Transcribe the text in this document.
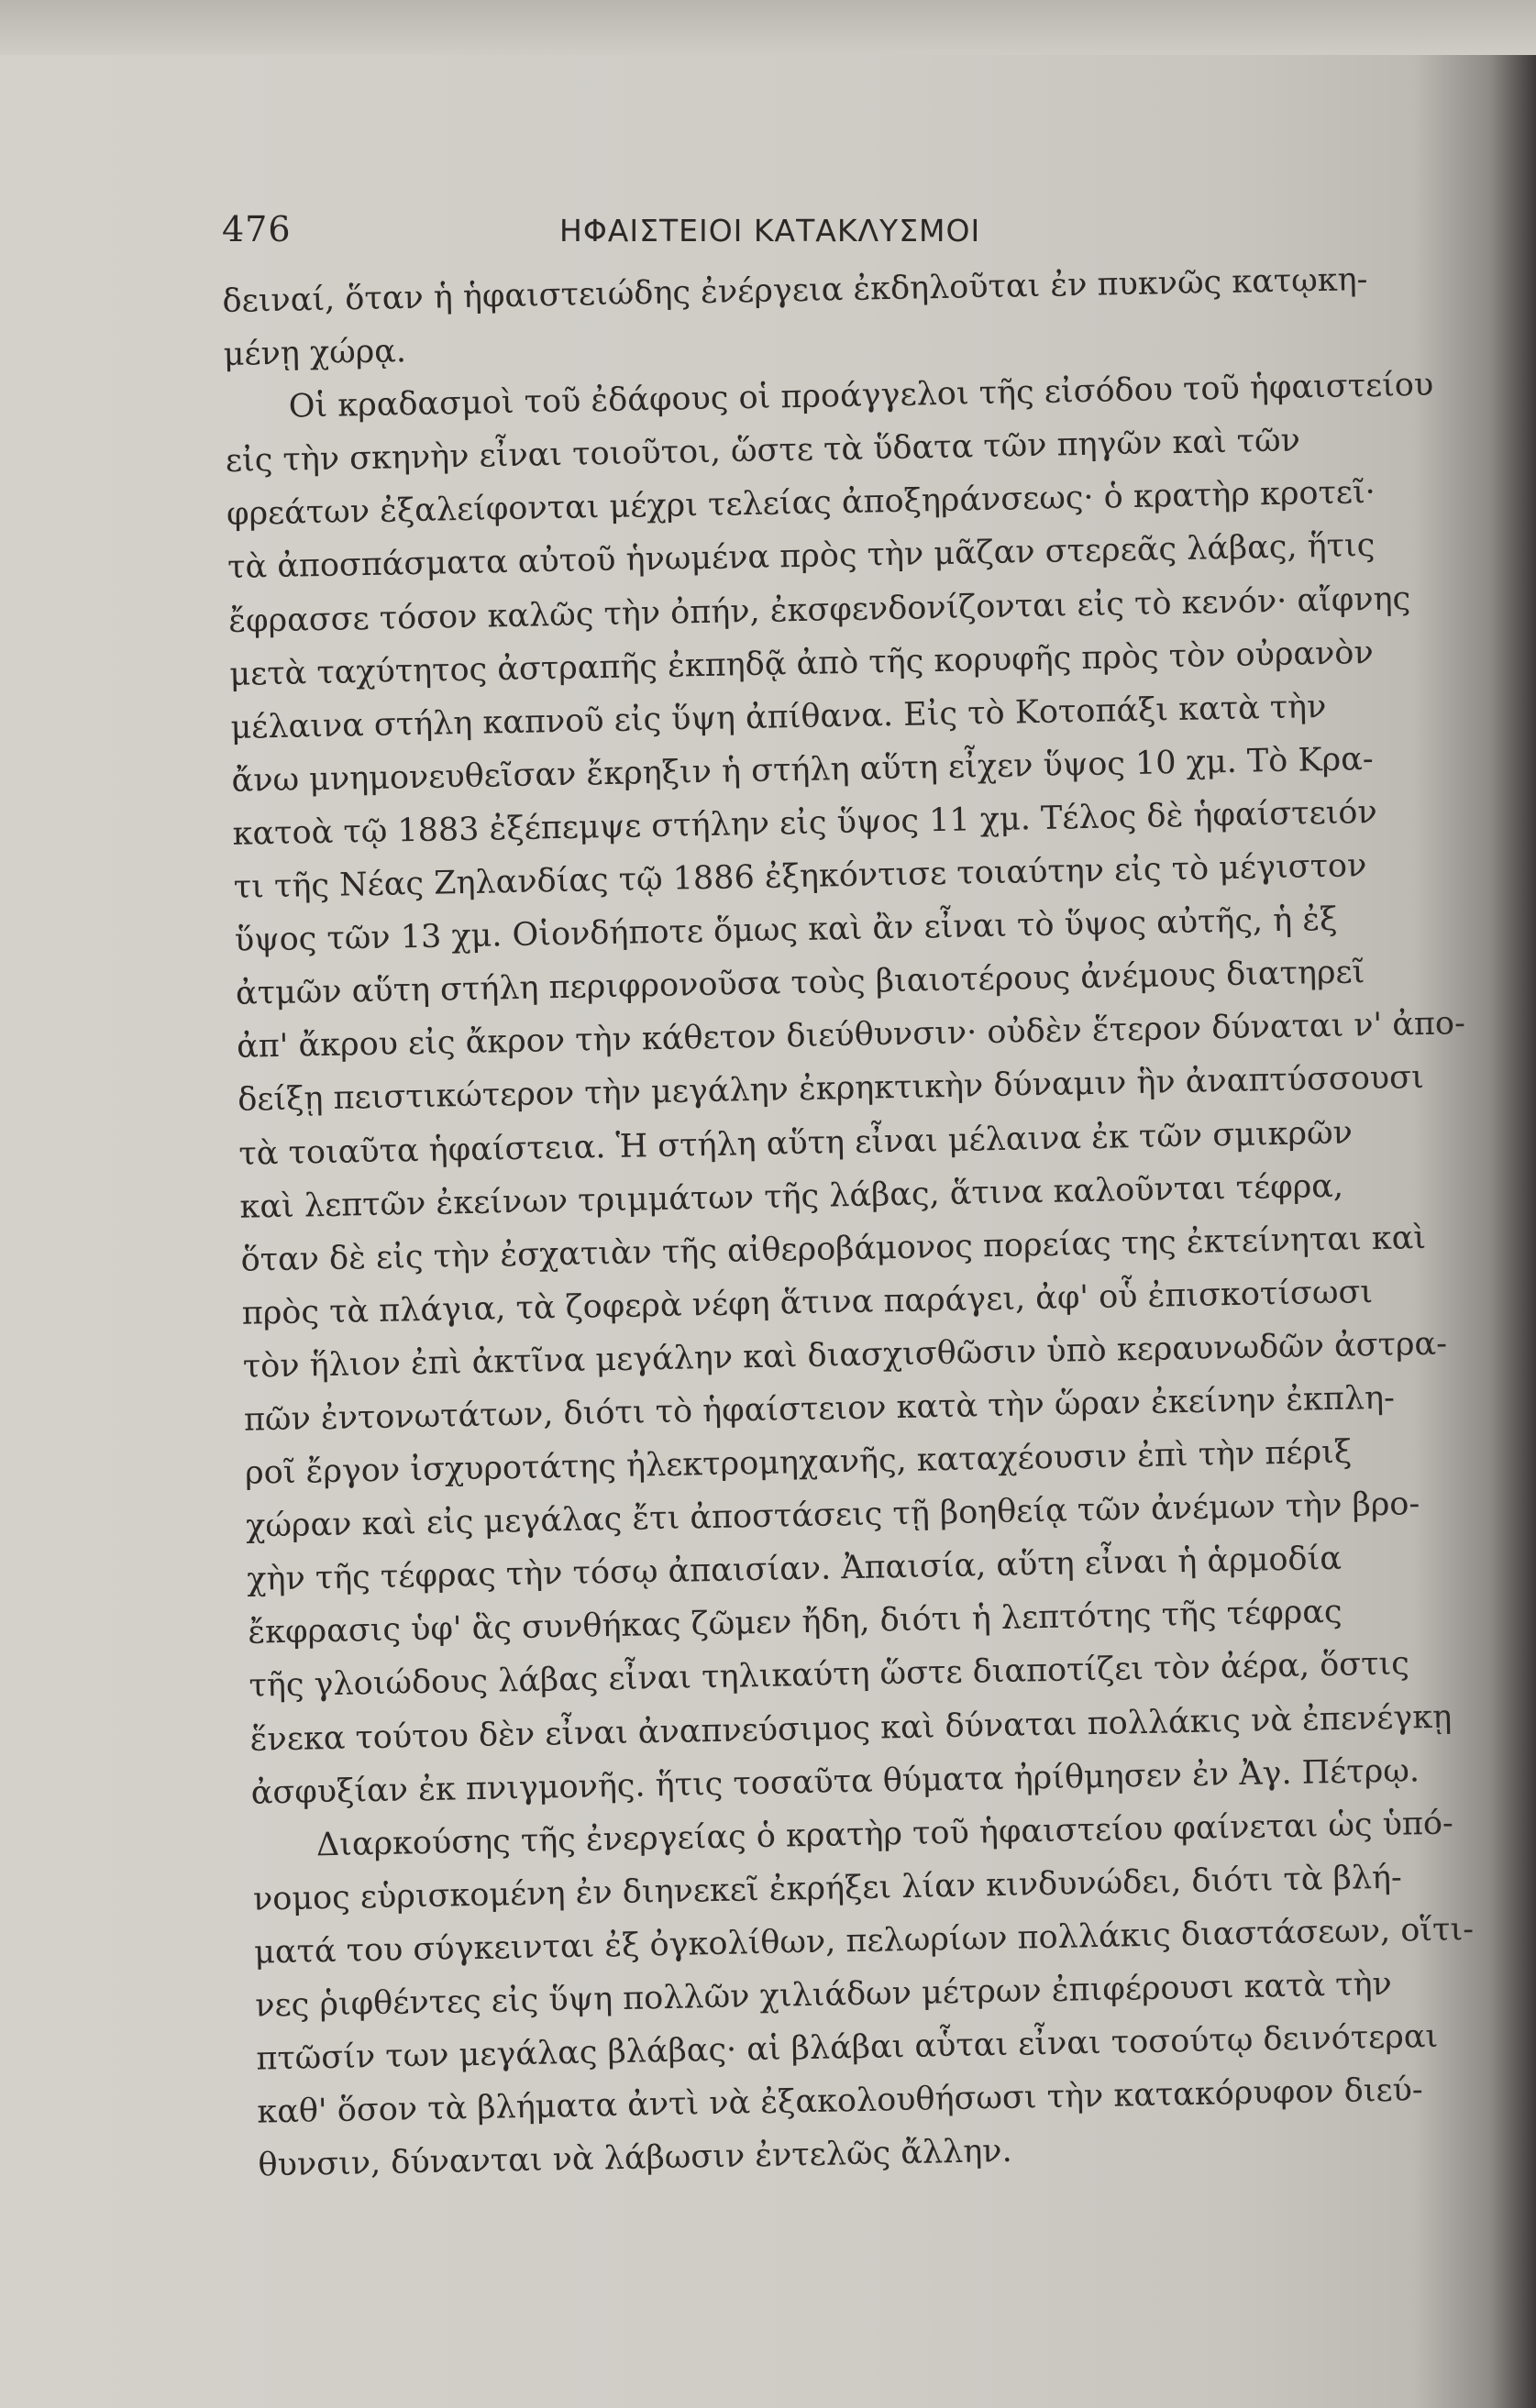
476	ΗΦΑΙΣΤΕΙΟΙ ΚΑΤΑΚΛΥΣΜΟΙ
δειναί, ὅταν ἡ ἡφαιστειώδης ἐνέργεια ἐκδηλοῦται ἐν πυκνῶς κατῳκη-
μένῃ χώρᾳ.
Οἱ κραδασμοὶ τοῦ ἐδάφους οἱ προάγγελοι τῆς εἰσόδου τοῦ ἡφαιστείου
εἰς τὴν σκηνὴν εἶναι τοιοῦτοι, ὥστε τὰ ὕδατα τῶν πηγῶν καὶ τῶν
φρεάτων ἐξαλείφονται μέχρι τελείας ἀποξηράνσεως· ὁ κρατὴρ κροτεῖ·
τὰ ἀποσπάσματα αὐτοῦ ἡνωμένα πρὸς τὴν μᾶζαν στερεᾶς λάβας, ἥτις
ἔφρασσε τόσον καλῶς τὴν ὀπήν, ἐκσφενδονίζονται εἰς τὸ κενόν· αἴφνης
μετὰ ταχύτητος ἀστραπῆς ἐκπηδᾷ ἀπὸ τῆς κορυφῆς πρὸς τὸν οὐρανὸν
μέλαινα στήλη καπνοῦ εἰς ὕψη ἀπίθανα. Εἰς τὸ Κοτοπάξι κατὰ τὴν
ἄνω μνημονευθεῖσαν ἔκρηξιν ἡ στήλη αὕτη εἶχεν ὕψος 10 χμ. Τὸ Κρα-
κατοὰ τῷ 1883 ἐξέπεμψε στήλην εἰς ὕψος 11 χμ. Τέλος δὲ ἡφαίστειόν
τι τῆς Νέας Ζηλανδίας τῷ 1886 ἐξηκόντισε τοιαύτην εἰς τὸ μέγιστον
ὕψος τῶν 13 χμ. Οἱονδήποτε ὅμως καὶ ἂν εἶναι τὸ ὕψος αὐτῆς, ἡ ἐξ
ἀτμῶν αὕτη στήλη περιφρονοῦσα τοὺς βιαιοτέρους ἀνέμους διατηρεῖ
ἀπ' ἄκρου εἰς ἄκρον τὴν κάθετον διεύθυνσιν· οὐδὲν ἕτερον δύναται ν' ἀπο-
δείξῃ πειστικώτερον τὴν μεγάλην ἐκρηκτικὴν δύναμιν ἣν ἀναπτύσσουσι
τὰ τοιαῦτα ἡφαίστεια. Ἡ στήλη αὕτη εἶναι μέλαινα ἐκ τῶν σμικρῶν
καὶ λεπτῶν ἐκείνων τριμμάτων τῆς λάβας, ἅτινα καλοῦνται τέφρα,
ὅταν δὲ εἰς τὴν ἐσχατιὰν τῆς αἰθεροβάμονος πορείας της ἐκτείνηται καὶ
πρὸς τὰ πλάγια, τὰ ζοφερὰ νέφη ἅτινα παράγει, ἀφ' οὗ ἐπισκοτίσωσι
τὸν ἥλιον ἐπὶ ἀκτῖνα μεγάλην καὶ διασχισθῶσιν ὑπὸ κεραυνωδῶν ἀστρα-
πῶν ἐντονωτάτων, διότι τὸ ἡφαίστειον κατὰ τὴν ὥραν ἐκείνην ἐκπλη-
ροῖ ἔργον ἰσχυροτάτης ἠλεκτρομηχανῆς, καταχέουσιν ἐπὶ τὴν πέριξ
χώραν καὶ εἰς μεγάλας ἔτι ἀποστάσεις τῇ βοηθείᾳ τῶν ἀνέμων τὴν βρο-
χὴν τῆς τέφρας τὴν τόσῳ ἀπαισίαν. Ἀπαισία, αὕτη εἶναι ἡ ἁρμοδία
ἔκφρασις ὑφ' ἃς συνθήκας ζῶμεν ἤδη, διότι ἡ λεπτότης τῆς τέφρας
τῆς γλοιώδους λάβας εἶναι τηλικαύτη ὥστε διαποτίζει τὸν ἀέρα, ὅστις
ἕνεκα τούτου δὲν εἶναι ἀναπνεύσιμος καὶ δύναται πολλάκις νὰ ἐπενέγκῃ
ἀσφυξίαν ἐκ πνιγμονῆς. ἥτις τοσαῦτα θύματα ἠρίθμησεν ἐν Ἀγ. Πέτρῳ.
Διαρκούσης τῆς ἐνεργείας ὁ κρατὴρ τοῦ ἡφαιστείου φαίνεται ὡς ὑπό-
νομος εὑρισκομένη ἐν διηνεκεῖ ἐκρήξει λίαν κινδυνώδει, διότι τὰ βλή-
ματά του σύγκεινται ἐξ ὀγκολίθων, πελωρίων πολλάκις διαστάσεων, οἵτι-
νες ῥιφθέντες εἰς ὕψη πολλῶν χιλιάδων μέτρων ἐπιφέρουσι κατὰ τὴν
πτῶσίν των μεγάλας βλάβας· αἱ βλάβαι αὗται εἶναι τοσούτῳ δεινότεραι
καθ' ὅσον τὰ βλήματα ἀντὶ νὰ ἐξακολουθήσωσι τὴν κατακόρυφον διεύ-
θυνσιν, δύνανται νὰ λάβωσιν ἐντελῶς ἄλλην.
